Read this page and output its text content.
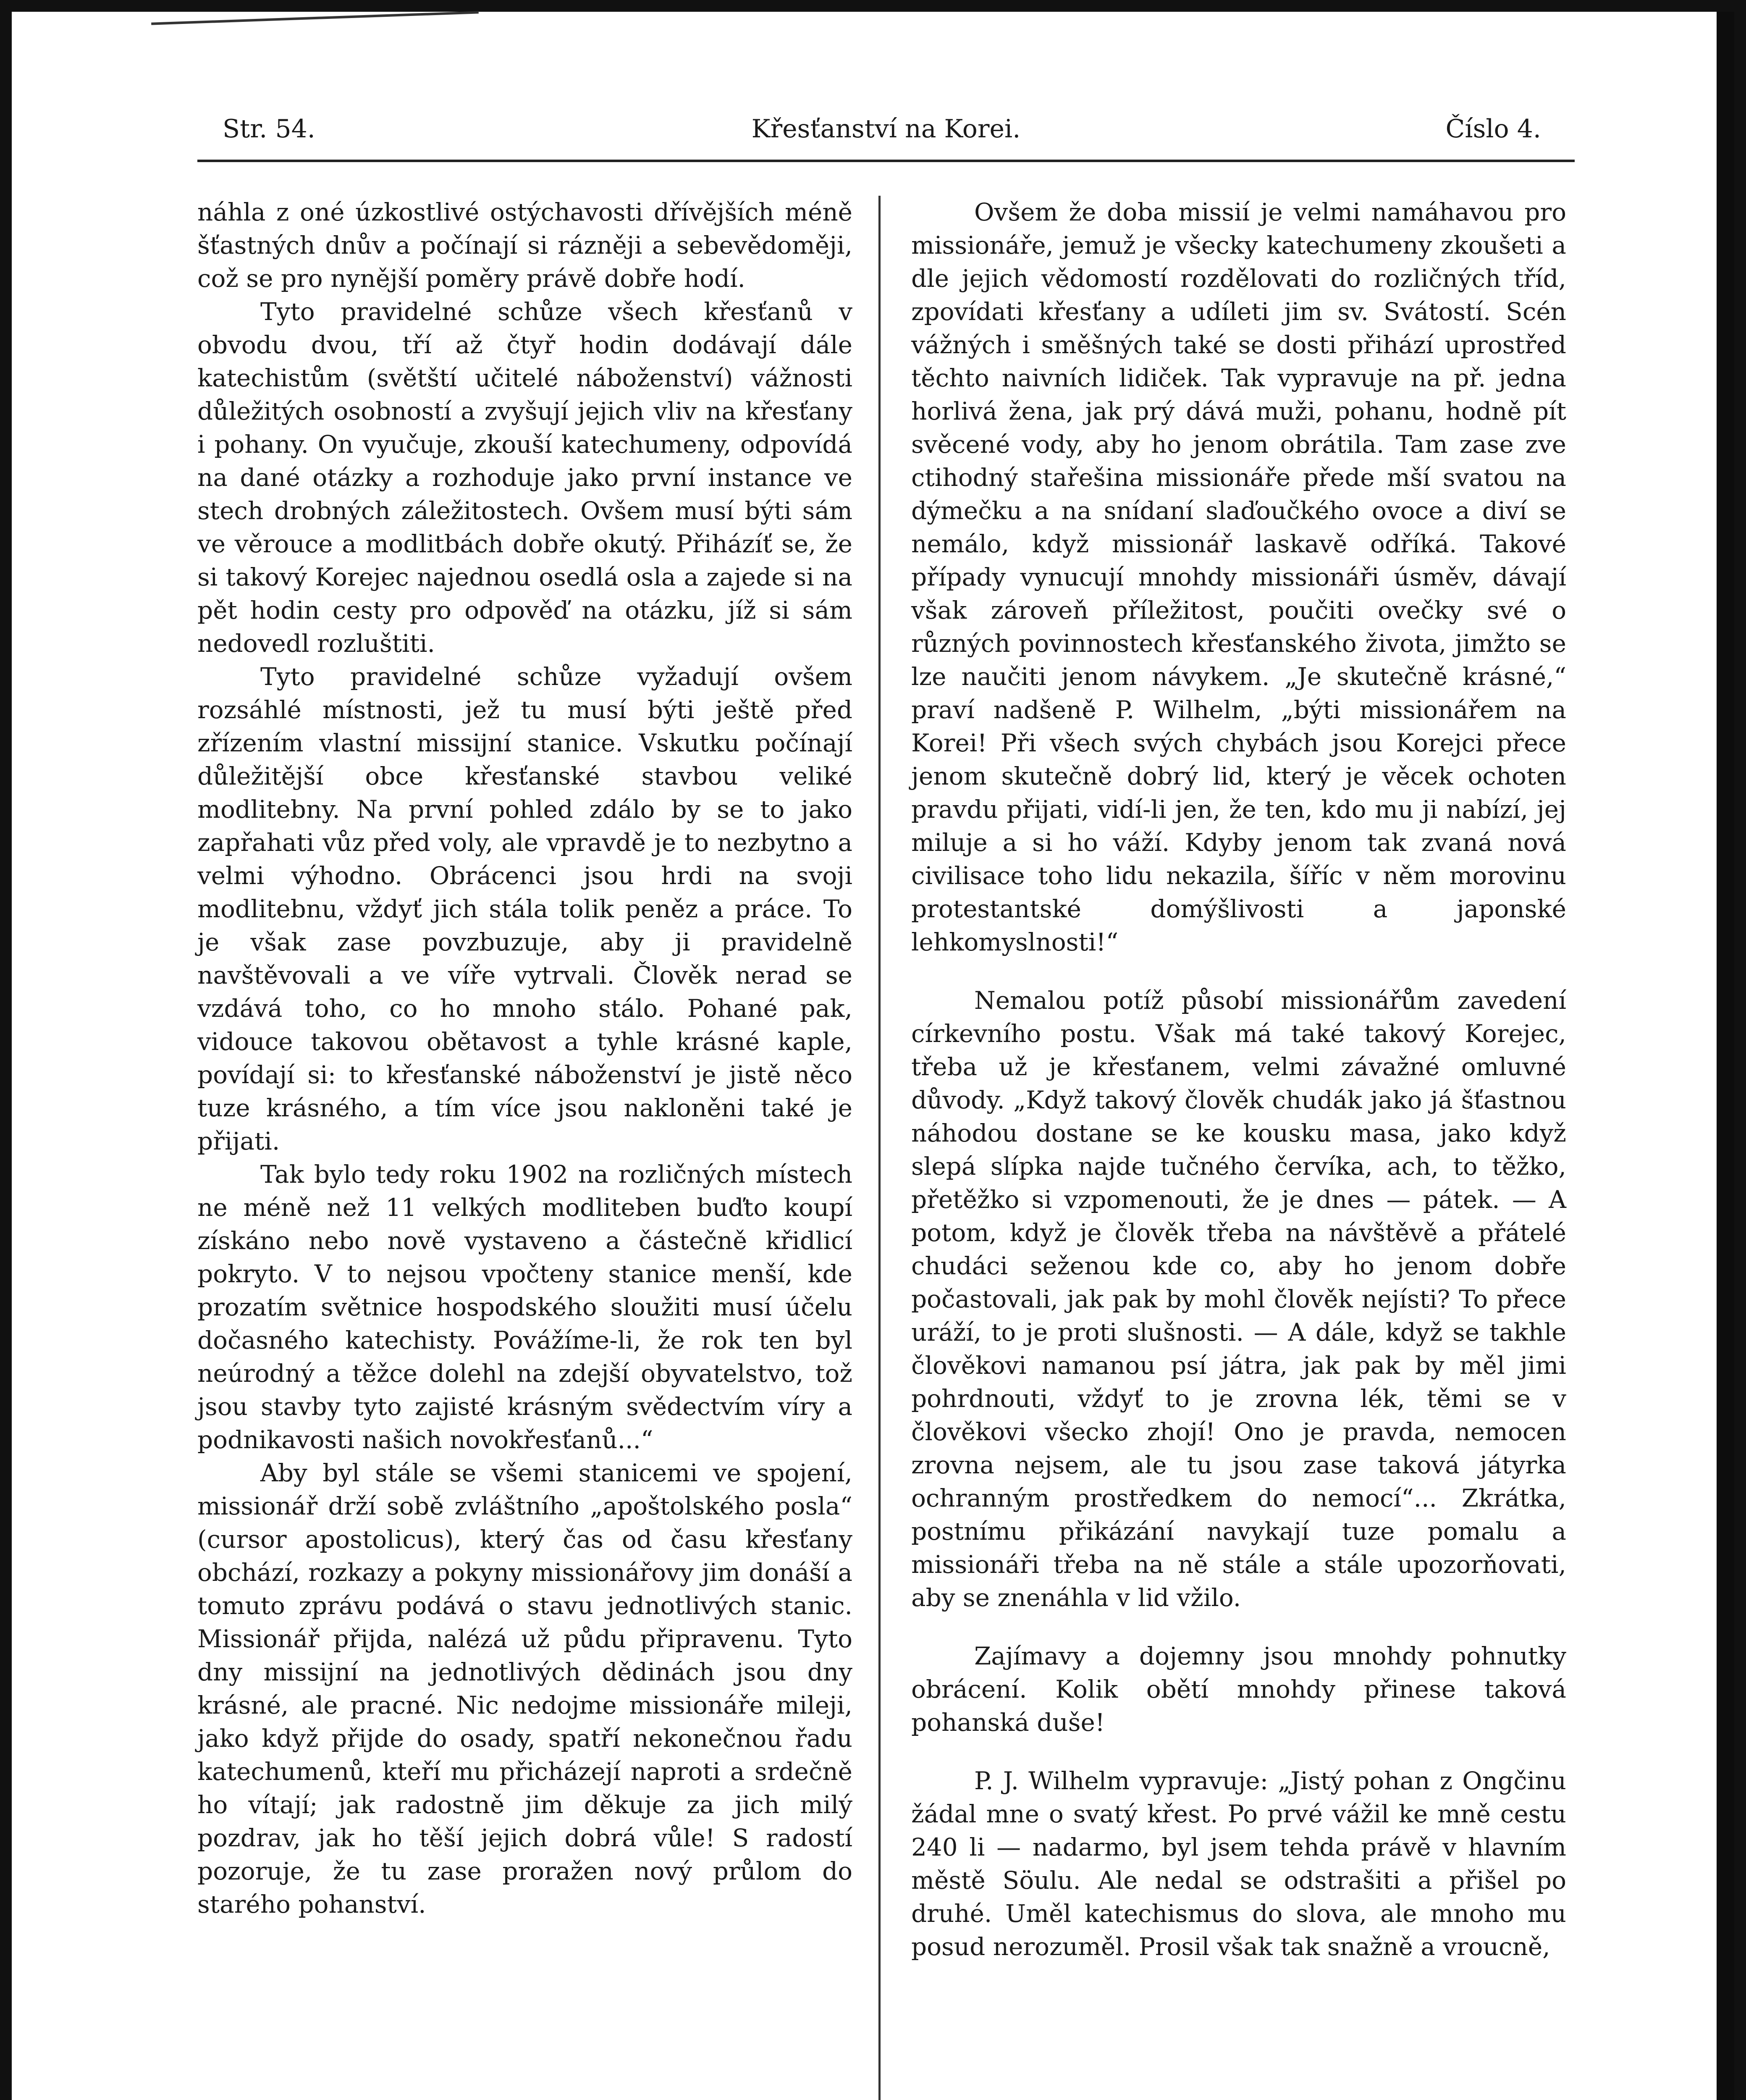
Str. 54.	Křesťanství na Korei.	Číslo 4.

náhla z oné úzkostlivé ostýchavosti dřívějších méně šťastných dnův a počínají si rázněji a sebevědoměji, což se pro nynější poměry právě dobře hodí.

Tyto pravidelné schůze všech křesťanů v obvodu dvou, tří až čtyř hodin dodávají dále katechistům (světští učitelé náboženství) vážnosti důležitých osobností a zvyšují jejich vliv na křesťany i pohany. On vyučuje, zkouší katechumeny, odpovídá na dané otázky a rozhoduje jako první instance ve stech drobných záležitostech. Ovšem musí býti sám ve věrouce a modlitbách dobře okutý. Přiházíť se, že si takový Korejec najednou osedlá osla a zajede si na pět hodin cesty pro odpověď na otázku, jíž si sám nedovedl rozluštiti.

Tyto pravidelné schůze vyžadují ovšem rozsáhlé místnosti, jež tu musí býti ještě před zřízením vlastní missijní stanice. Vskutku počínají důležitější obce křesťanské stavbou veliké modlitebny. Na první pohled zdálo by se to jako zapřahati vůz před voly, ale vpravdě je to nezbytno a velmi výhodno. Obrácenci jsou hrdi na svoji modlitebnu, vždyť jich stála tolik peněz a práce. To je však zase povzbuzuje, aby ji pravidelně navštěvovali a ve víře vytrvali. Člověk nerad se vzdává toho, co ho mnoho stálo. Pohané pak, vidouce takovou obětavost a tyhle krásné kaple, povídají si: to křesťanské náboženství je jistě něco tuze krásného, a tím více jsou nakloněni také je přijati.

Tak bylo tedy roku 1902 na rozličných místech ne méně než 11 velkých modliteben buďto koupí získáno nebo nově vystaveno a částečně křidlicí pokryto. V to nejsou vpočteny stanice menší, kde prozatím světnice hospodského sloužiti musí účelu dočasného katechisty. Povážíme-li, že rok ten byl neúrodný a těžce dolehl na zdejší obyvatelstvo, tož jsou stavby tyto zajisté krásným svědectvím víry a podnikavosti našich novokřesťanů...“

Aby byl stále se všemi stanicemi ve spojení, missionář drží sobě zvláštního „apoštolského posla“ (cursor apostolicus), který čas od času křesťany obchází, rozkazy a pokyny missionářovy jim donáší a tomuto zprávu podává o stavu jednotlivých stanic. Missionář přijda, nalézá už půdu připravenu. Tyto dny missijní na jednotlivých dědinách jsou dny krásné, ale pracné. Nic nedojme missionáře mileji, jako když přijde do osady, spatří nekonečnou řadu katechumenů, kteří mu přicházejí naproti a srdečně ho vítají; jak radostně jim děkuje za jich milý pozdrav, jak ho těší jejich dobrá vůle! S radostí pozoruje, že tu zase proražen nový průlom do starého pohanství.

Ovšem že doba missií je velmi namáhavou pro missionáře, jemuž je všecky katechumeny zkoušeti a dle jejich vědomostí rozdělovati do rozličných tříd, zpovídati křesťany a udíleti jim sv. Svátostí. Scén vážných i směšných také se dosti přihází uprostřed těchto naivních lidiček. Tak vypravuje na př. jedna horlivá žena, jak prý dává muži, pohanu, hodně pít svěcené vody, aby ho jenom obrátila. Tam zase zve ctihodný stařešina missionáře přede mší svatou na dýmečku a na snídaní slaďoučkého ovoce a diví se nemálo, když missionář laskavě odříká. Takové případy vynucují mnohdy missionáři úsměv, dávají však zároveň příležitost, poučiti ovečky své o různých povinnostech křesťanského života, jimžto se lze naučiti jenom návykem. „Je skutečně krásné,“ praví nadšeně P. Wilhelm, „býti missionářem na Korei! Při všech svých chybách jsou Korejci přece jenom skutečně dobrý lid, který je věcek ochoten pravdu přijati, vidí-li jen, že ten, kdo mu ji nabízí, jej miluje a si ho váží. Kdyby jenom tak zvaná nová civilisace toho lidu nekazila, šíříc v něm morovinu protestantské domýšlivosti a japonské lehkomyslnosti!“

Nemalou potíž působí missionářům zavedení církevního postu. Však má také takový Korejec, třeba už je křesťanem, velmi závažné omluvné důvody. „Když takový člověk chudák jako já šťastnou náhodou dostane se ke kousku masa, jako když slepá slípka najde tučného červíka, ach, to těžko, přetěžko si vzpomenouti, že je dnes — pátek. — A potom, když je člověk třeba na návštěvě a přátelé chudáci seženou kde co, aby ho jenom dobře počastovali, jak pak by mohl člověk nejísti? To přece uráží, to je proti slušnosti. — A dále, když se takhle člověkovi namanou psí játra, jak pak by měl jimi pohrdnouti, vždyť to je zrovna lék, těmi se v člověkovi všecko zhojí! Ono je pravda, nemocen zrovna nejsem, ale tu jsou zase taková játyrka ochranným prostředkem do nemocí“... Zkrátka, postnímu přikázání navykají tuze pomalu a missionáři třeba na ně stále a stále upozorňovati, aby se znenáhla v lid vžilo.

Zajímavy a dojemny jsou mnohdy pohnutky obrácení. Kolik obětí mnohdy přinese taková pohanská duše!

P. J. Wilhelm vypravuje: „Jistý pohan z Ongčinu žádal mne o svatý křest. Po prvé vážil ke mně cestu 240 li — nadarmo, byl jsem tehda právě v hlavním městě Söulu. Ale nedal se odstrašiti a přišel po druhé. Uměl katechismus do slova, ale mnoho mu posud nerozuměl. Prosil však tak snažně a vroucně,
